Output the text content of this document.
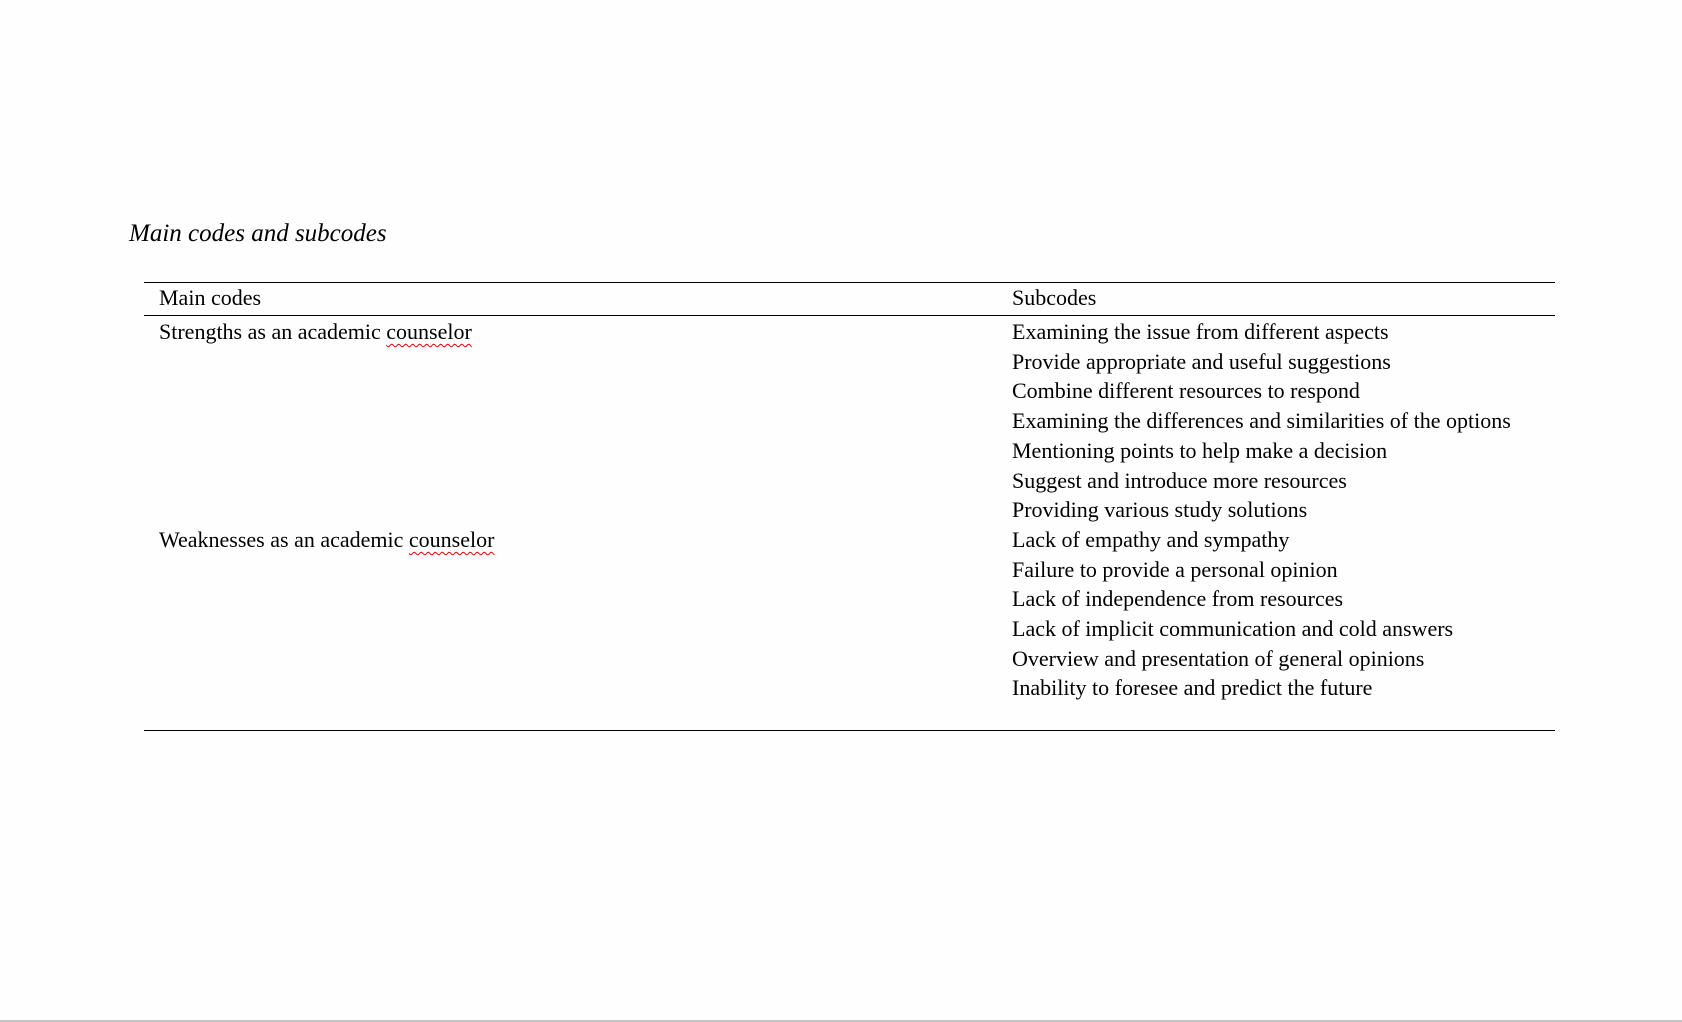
Main codes and subcodes
Main codes	Subcodes
Strengths as an academic counselor	Examining the issue from different aspects
Provide appropriate and useful suggestions
Combine different resources to respond
Examining the differences and similarities of the options
Mentioning points to help make a decision
Suggest and introduce more resources
Providing various study solutions
Weaknesses as an academic counselor	Lack of empathy and sympathy
Failure to provide a personal opinion
Lack of independence from resources
Lack of implicit communication and cold answers
Overview and presentation of general opinions
Inability to foresee and predict the future
